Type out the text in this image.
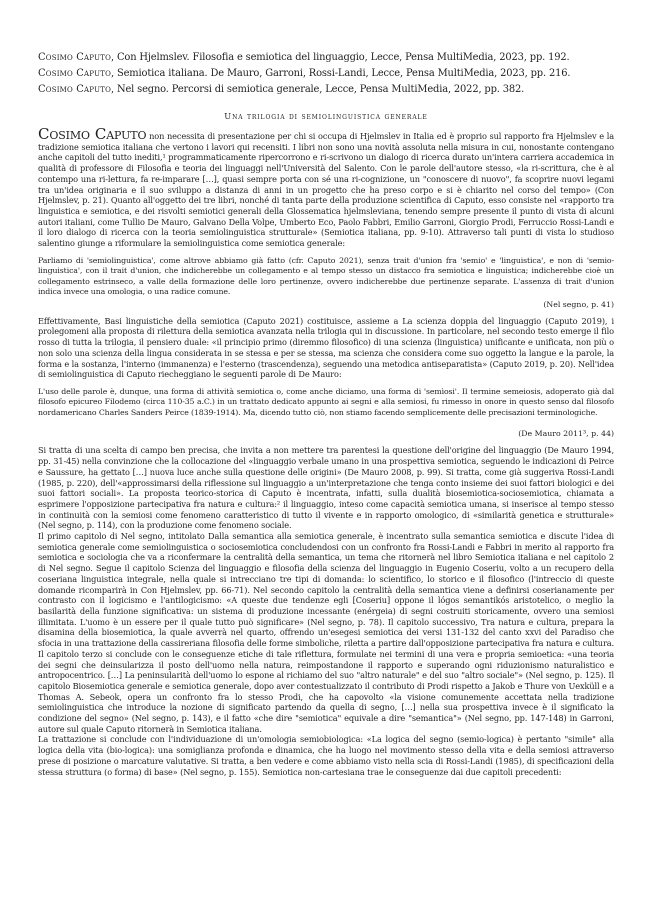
Cosimo Caputo, Con Hjelmslev. Filosofia e semiotica del linguaggio, Lecce, Pensa MultiMedia, 2023, pp. 192.
Cosimo Caputo, Semiotica italiana. De Mauro, Garroni, Rossi-Landi, Lecce, Pensa MultiMedia, 2023, pp. 216.
Cosimo Caputo, Nel segno. Percorsi di semiotica generale, Lecce, Pensa MultiMedia, 2022, pp. 382.
Una trilogia di semiolinguistica generale

Cosimo Caputo non necessita di presentazione per chi si occupa di Hjelmslev in Italia ed è proprio sul rapporto fra Hjelmslev e la tradizione semiotica italiana che vertono i lavori qui recensiti. I libri non sono una novità assoluta nella misura in cui, nonostante contengano anche capitoli del tutto inediti,¹ programmaticamente ripercorrono e ri-scrivono un dialogo di ricerca durato un'intera carriera accademica in qualità di professore di Filosofia e teoria dei linguaggi nell'Università del Salento. Con le parole dell'autore stesso, «la ri-scrittura, che è al contempo una ri-lettura, fa re-imparare […], quasi sempre porta con sé una ri-cognizione, un "conoscere di nuovo", fa scoprire nuovi legami tra un'idea originaria e il suo sviluppo a distanza di anni in un progetto che ha preso corpo e si è chiarito nel corso del tempo» (Con Hjelmslev, p. 21). Quanto all'oggetto dei tre libri, nonché di tanta parte della produzione scientifica di Caputo, esso consiste nel «rapporto tra linguistica e semiotica, e dei risvolti semiotici generali della Glossematica hjelmsleviana, tenendo sempre presente il punto di vista di alcuni autori italiani, come Tullio De Mauro, Galvano Della Volpe, Umberto Eco, Paolo Fabbri, Emilio Garroni, Giorgio Prodi, Ferruccio Rossi-Landi e il loro dialogo di ricerca con la teoria semiolinguistica strutturale» (Semiotica italiana, pp. 9-10). Attraverso tali punti di vista lo studioso salentino giunge a riformulare la semiolinguistica come semiotica generale:

Parliamo di 'semiolinguistica', come altrove abbiamo già fatto (cfr. Caputo 2021), senza trait d'union fra 'semio' e 'linguistica', e non di 'semio-linguistica', con il trait d'union, che indicherebbe un collegamento e al tempo stesso un distacco fra semiotica e linguistica; indicherebbe cioè un collegamento estrinseco, a valle della formazione delle loro pertinenze, ovvero indicherebbe due pertinenze separate. L'assenza di trait d'union indica invece una omologia, o una radice comune.

(Nel segno, p. 41)

Effettivamente, Basi linguistiche della semiotica (Caputo 2021) costituisce, assieme a La scienza doppia del linguaggio (Caputo 2019), i prolegomeni alla proposta di rilettura della semiotica avanzata nella trilogia qui in discussione. In particolare, nel secondo testo emerge il filo rosso di tutta la trilogia, il pensiero duale: «il principio primo (diremmo filosofico) di una scienza (linguistica) unificante e unificata, non più o non solo una scienza della lingua considerata in se stessa e per se stessa, ma scienza che considera come suo oggetto la langue e la parole, la forma e la sostanza, l'interno (immanenza) e l'esterno (trascendenza), seguendo una metodica antiseparatista» (Caputo 2019, p. 20). Nell'idea di semiolinguistica di Caputo riecheggiano le seguenti parole di De Mauro:

L'uso delle parole è, dunque, una forma di attività semiotica o, come anche diciamo, una forma di 'semìosi'. Il termine semeiosis, adoperato già dal filosofo epicureo Filodemo (circa 110-35 a.C.) in un trattato dedicato appunto ai segni e alla semiosi, fu rimesso in onore in questo senso dal filosofo nordamericano Charles Sanders Peirce (1839-1914). Ma, dicendo tutto ciò, non stiamo facendo semplicemente delle precisazioni terminologiche.

(De Mauro 2011³, p. 44)

Si tratta di una scelta di campo ben precisa, che invita a non mettere tra parentesi la questione dell'origine del linguaggio (De Mauro 1994, pp. 31-45) nella convinzione che la collocazione del «linguaggio verbale umano in una prospettiva semiotica, seguendo le indicazioni di Peirce e Saussure, ha gettato […] nuova luce anche sulla questione delle origini» (De Mauro 2008, p. 99). Si tratta, come già suggeriva Rossi-Landi (1985, p. 220), dell'«approssimarsi della riflessione sul linguaggio a un'interpretazione che tenga conto insieme dei suoi fattori biologici e dei suoi fattori sociali». La proposta teorico-storica di Caputo è incentrata, infatti, sulla dualità biosemiotica-sociosemiotica, chiamata a esprimere l'opposizione partecipativa fra natura e cultura:² il linguaggio, inteso come capacità semiotica umana, si inserisce al tempo stesso in continuità con la semiosi come fenomeno caratteristico di tutto il vivente e in rapporto omologico, di «similarità genetica e strutturale» (Nel segno, p. 114), con la produzione come fenomeno sociale.

Il primo capitolo di Nel segno, intitolato Dalla semantica alla semiotica generale, è incentrato sulla semantica semiotica e discute l'idea di semiotica generale come semiolinguistica o sociosemiotica concludendosi con un confronto fra Rossi-Landi e Fabbri in merito al rapporto fra semiotica e sociologia che va a riconfermare la centralità della semantica, un tema che ritornerà nel libro Semiotica italiana e nel capitolo 2 di Nel segno. Segue il capitolo Scienza del linguaggio e filosofia della scienza del linguaggio in Eugenio Coseriu, volto a un recupero della coseriana linguistica integrale, nella quale si intrecciano tre tipi di domanda: lo scientifico, lo storico e il filosofico (l'intreccio di queste domande ricomparirà in Con Hjelmslev, pp. 66-71). Nel secondo capitolo la centralità della semantica viene a definirsi coserianamente per contrasto con il logicismo e l'antilogicismo: «A queste due tendenze egli [Coseriu] oppone il lógos semantikós aristotelico, o meglio la basilarità della funzione significativa: un sistema di produzione incessante (enérgeia) di segni costruiti storicamente, ovvero una semiosi illimitata. L'uomo è un essere per il quale tutto può significare» (Nel segno, p. 78). Il capitolo successivo, Tra natura e cultura, prepara la disamina della biosemiotica, la quale avverrà nel quarto, offrendo un'esegesi semiotica dei versi 131-132 del canto xxvi del Paradiso che sfocia in una trattazione della cassireriana filosofia delle forme simboliche, riletta a partire dall'opposizione partecipativa fra natura e cultura. Il capitolo terzo si conclude con le conseguenze etiche di tale riflettura, formulate nei termini di una vera e propria semioetica: «una teoria dei segni che deinsularizza il posto dell'uomo nella natura, reimpostandone il rapporto e superando ogni riduzionismo naturalistico e antropocentrico. […] La peninsularità dell'uomo lo espone al richiamo del suo "altro naturale" e del suo "altro sociale"» (Nel segno, p. 125). Il capitolo Biosemiotica generale e semiotica generale, dopo aver contestualizzato il contributo di Prodi rispetto a Jakob e Thure von Uexküll e a Thomas A. Sebeok, opera un confronto fra lo stesso Prodi, che ha capovolto «la visione comunemente accettata nella tradizione semiolinguistica che introduce la nozione di significato partendo da quella di segno, […] nella sua prospettiva invece è il significato la condizione del segno» (Nel segno, p. 143), e il fatto «che dire "semiotica" equivale a dire "semantica"» (Nel segno, pp. 147-148) in Garroni, autore sul quale Caputo ritornerà in Semiotica italiana.

La trattazione si conclude con l'individuazione di un'omologia semiobiologica: «La logica del segno (semio-logica) è pertanto "simile" alla logica della vita (bio-logica): una somiglianza profonda e dinamica, che ha luogo nel movimento stesso della vita e della semiosi attraverso prese di posizione o marcature valutative. Si tratta, a ben vedere e come abbiamo visto nella scia di Rossi-Landi (1985), di specificazioni della stessa struttura (o forma) di base» (Nel segno, p. 155). Semiotica non-cartesiana trae le conseguenze dai due capitoli precedenti:
